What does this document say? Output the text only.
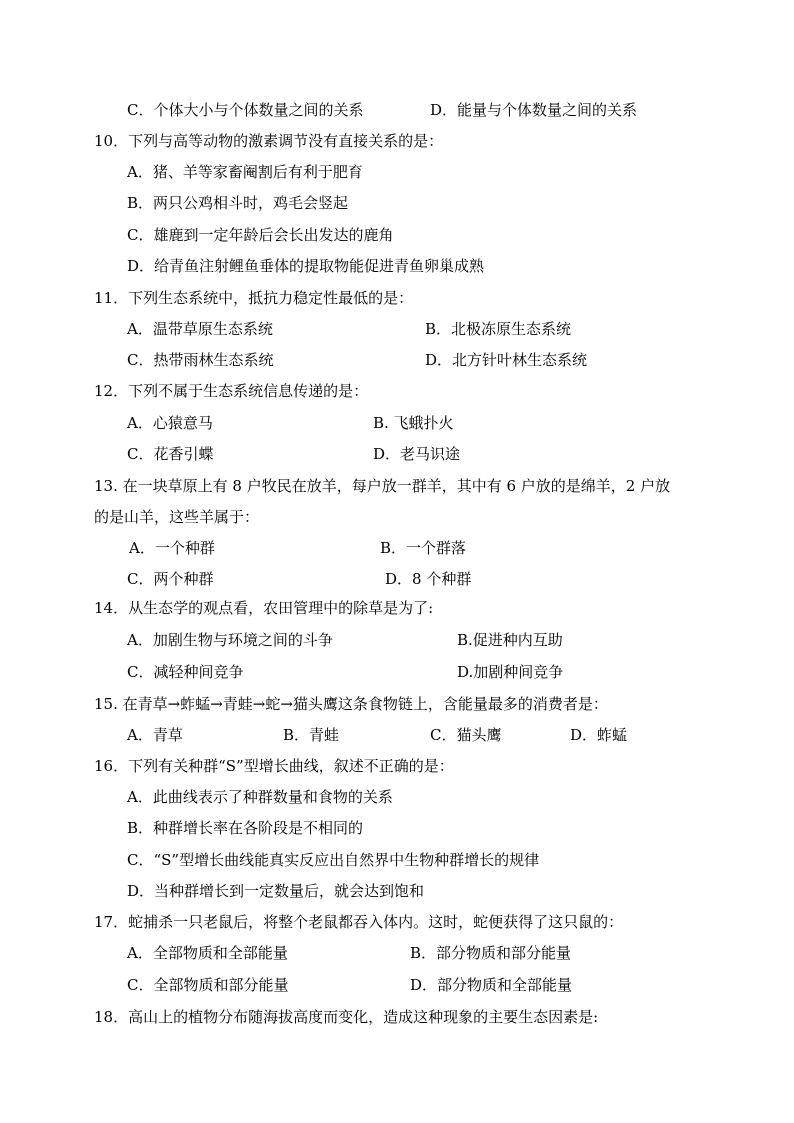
C．个体大小与个体数量之间的关系	D．能量与个体数量之间的关系
10．下列与高等动物的激素调节没有直接关系的是：
A．猪、羊等家畜阉割后有利于肥育
B．两只公鸡相斗时，鸡毛会竖起
C．雄鹿到一定年龄后会长出发达的鹿角
D．给青鱼注射鲤鱼垂体的提取物能促进青鱼卵巢成熟
11．下列生态系统中，抵抗力稳定性最低的是：
A．温带草原生态系统	B．北极冻原生态系统
C．热带雨林生态系统	D．北方针叶林生态系统
12．下列不属于生态系统信息传递的是：
A．心猿意马	B. 飞蛾扑火
C．花香引蝶	D．老马识途
13. 在一块草原上有 8 户牧民在放羊，每户放一群羊，其中有 6 户放的是绵羊，2 户放
的是山羊，这些羊属于：
A．一个种群	B．一个群落
C．两个种群	D．8 个种群
14．从生态学的观点看，农田管理中的除草是为了:
A．加剧生物与环境之间的斗争	B.促进种内互助
C．减轻种间竞争	D.加剧种间竞争
15. 在青草→蚱蜢→青蛙→蛇→猫头鹰这条食物链上，含能量最多的消费者是：
A．青草	B．青蛙	C．猫头鹰	D．蚱蜢
16．下列有关种群“S”型增长曲线，叙述不正确的是：
A．此曲线表示了种群数量和食物的关系
B．种群增长率在各阶段是不相同的
C．“S”型增长曲线能真实反应出自然界中生物种群增长的规律
D．当种群增长到一定数量后，就会达到饱和
17．蛇捕杀一只老鼠后，将整个老鼠都吞入体内。这时，蛇便获得了这只鼠的：
A．全部物质和全部能量	B．部分物质和部分能量
C．全部物质和部分能量	D．部分物质和全部能量
18．高山上的植物分布随海拔高度而变化，造成这种现象的主要生态因素是:
